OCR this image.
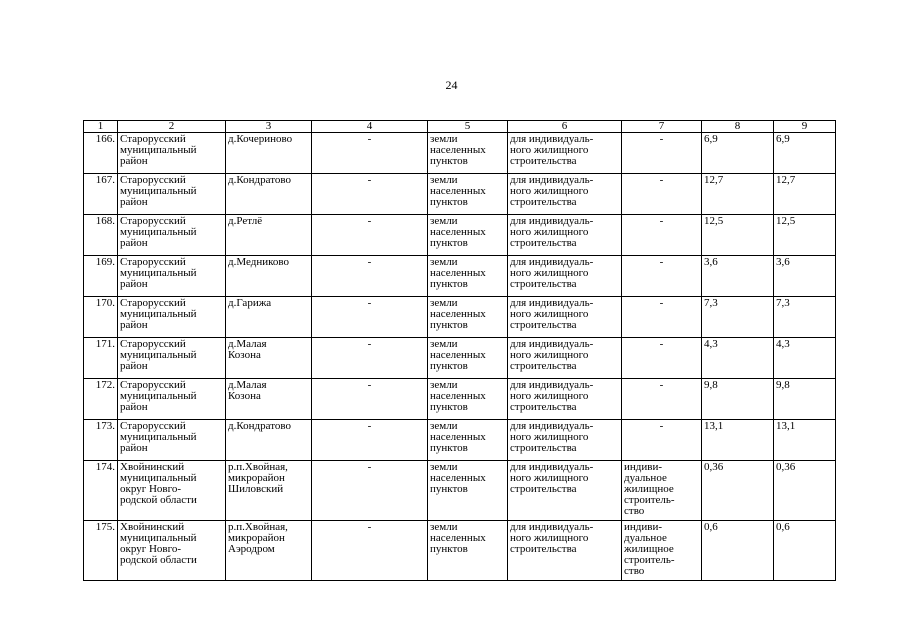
24
1	2	3	4	5	6	7	8	9
166.	Старорусский
муниципальный
район	д.Кочериново	-	земли
населенных
пунктов	для индивидуаль-
ного жилищного
строительства	-	6,9	6,9
167.	Старорусский
муниципальный
район	д.Кондратово	-	земли
населенных
пунктов	для индивидуаль-
ного жилищного
строительства	-	12,7	12,7
168.	Старорусский
муниципальный
район	д.Ретлё	-	земли
населенных
пунктов	для индивидуаль-
ного жилищного
строительства	-	12,5	12,5
169.	Старорусский
муниципальный
район	д.Медниково	-	земли
населенных
пунктов	для индивидуаль-
ного жилищного
строительства	-	3,6	3,6
170.	Старорусский
муниципальный
район	д.Гарижа	-	земли
населенных
пунктов	для индивидуаль-
ного жилищного
строительства	-	7,3	7,3
171.	Старорусский
муниципальный
район	д.Малая
Козона	-	земли
населенных
пунктов	для индивидуаль-
ного жилищного
строительства	-	4,3	4,3
172.	Старорусский
муниципальный
район	д.Малая
Козона	-	земли
населенных
пунктов	для индивидуаль-
ного жилищного
строительства	-	9,8	9,8
173.	Старорусский
муниципальный
район	д.Кондратово	-	земли
населенных
пунктов	для индивидуаль-
ного жилищного
строительства	-	13,1	13,1
174.	Хвойнинский
муниципальный
округ Новго-
родской области	р.п.Хвойная,
микрорайон
Шиловский	-	земли
населенных
пунктов	для индивидуаль-
ного жилищного
строительства	индиви-
дуальное
жилищное
строитель-
ство	0,36	0,36
175.	Хвойнинский
муниципальный
округ Новго-
родской области	р.п.Хвойная,
микрорайон
Аэродром	-	земли
населенных
пунктов	для индивидуаль-
ного жилищного
строительства	индиви-
дуальное
жилищное
строитель-
ство	0,6	0,6
